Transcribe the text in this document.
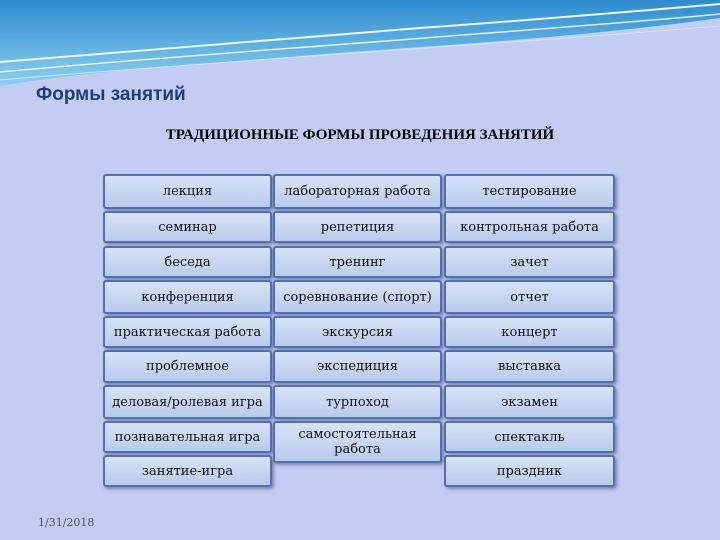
Формы занятий
ТРАДИЦИОННЫЕ ФОРМЫ ПРОВЕДЕНИЯ ЗАНЯТИЙ
лекция
семинар
беседа
конференция
практическая работа
проблемное
деловая/ролевая игра
познавательная игра
занятие-игра
лабораторная работа
репетиция
тренинг
соревнование (спорт)
экскурсия
экспедиция
турпоход
самостоятельная работа
тестирование
контрольная работа
зачет
отчет
концерт
выставка
экзамен
спектакль
праздник
1/31/2018
